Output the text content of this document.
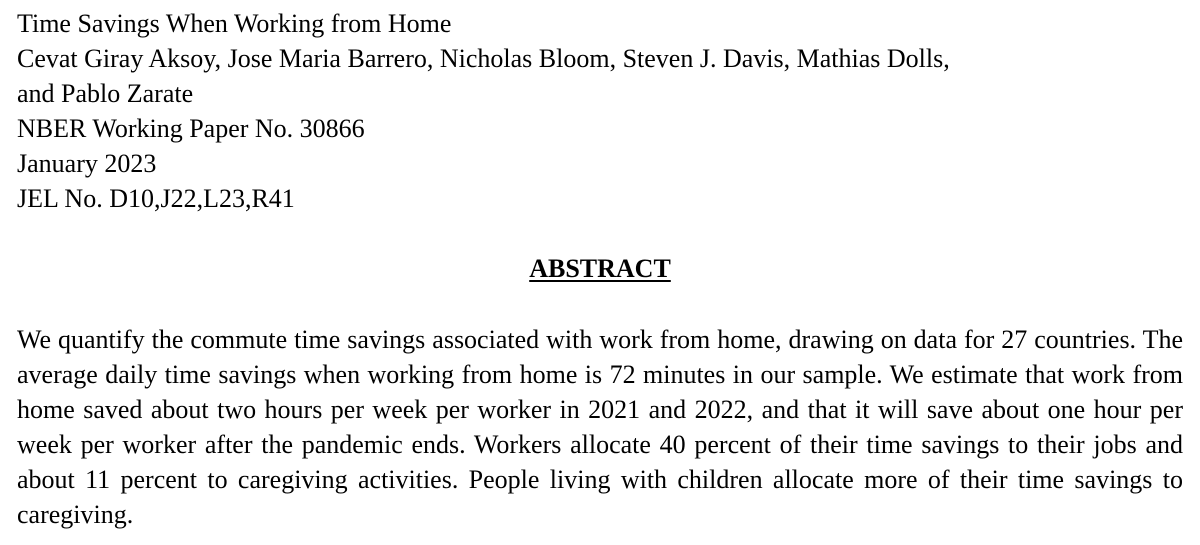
Time Savings When Working from Home
Cevat Giray Aksoy, Jose Maria Barrero, Nicholas Bloom, Steven J. Davis, Mathias Dolls,
and Pablo Zarate
NBER Working Paper No. 30866
January 2023
JEL No. D10,J22,L23,R41
ABSTRACT

We quantify the commute time savings associated with work from home, drawing on data for 27 countries. The average daily time savings when working from home is 72 minutes in our sample. We estimate that work from home saved about two hours per week per worker in 2021 and 2022, and that it will save about one hour per week per worker after the pandemic ends. Workers allocate 40 percent of their time savings to their jobs and about 11 percent to caregiving activities. People living with children allocate more of their time savings to caregiving.
